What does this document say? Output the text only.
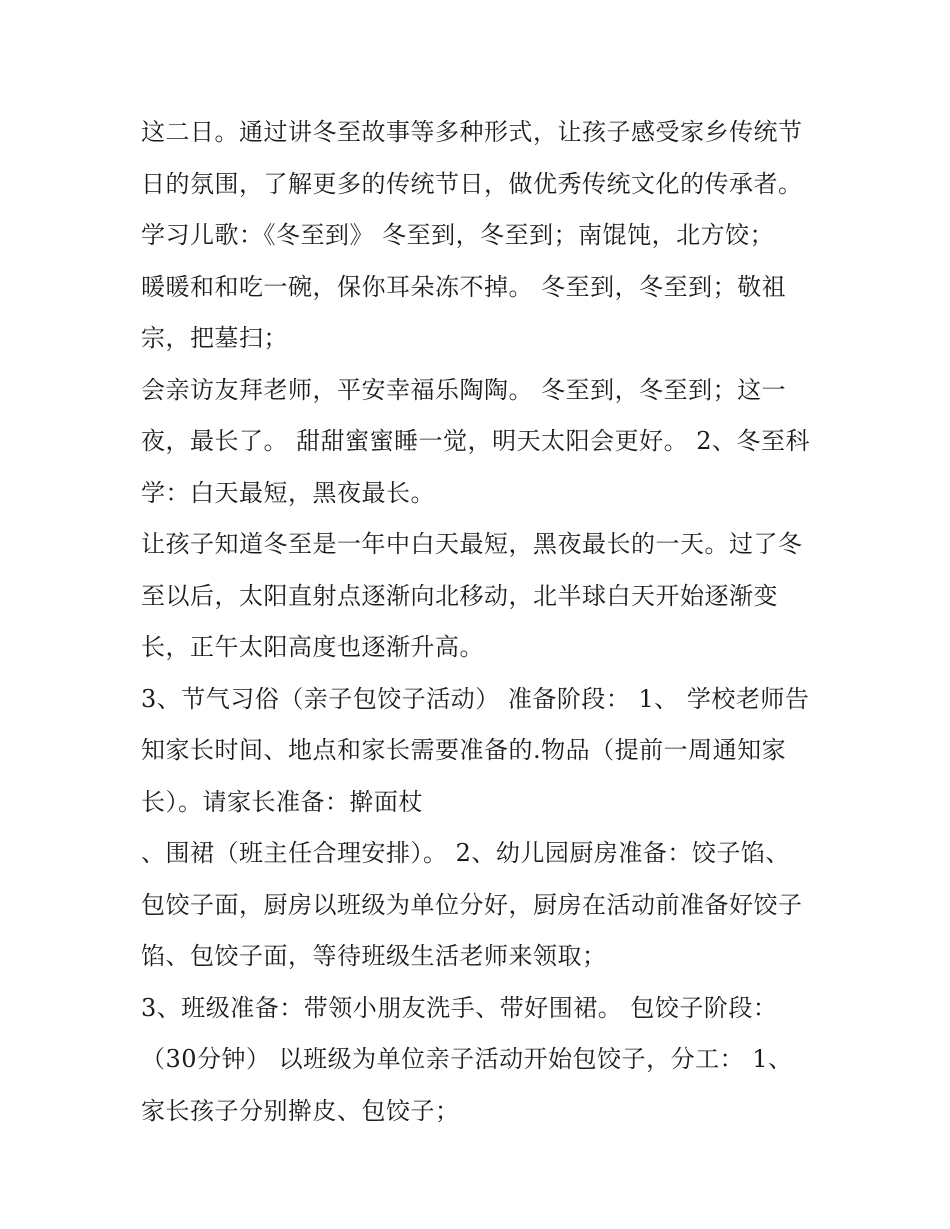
这二日。通过讲冬至故事等多种形式，让孩子感受家乡传统节
日的氛围，了解更多的传统节日，做优秀传统文化的传承者。
学习儿歌：《冬至到》 冬至到，冬至到；南馄饨，北方饺；
暖暖和和吃一碗，保你耳朵冻不掉。 冬至到，冬至到；敬祖
宗，把墓扫；
会亲访友拜老师，平安幸福乐陶陶。 冬至到，冬至到；这一
夜，最长了。 甜甜蜜蜜睡一觉，明天太阳会更好。 2、冬至科
学：白天最短，黑夜最长。
让孩子知道冬至是一年中白天最短，黑夜最长的一天。过了冬
至以后，太阳直射点逐渐向北移动，北半球白天开始逐渐变
长，正午太阳高度也逐渐升高。
3、节气习俗（亲子包饺子活动） 准备阶段： 1、 学校老师告
知家长时间、地点和家长需要准备的.物品（提前一周通知家
长）。请家长准备：擀面杖
、围裙（班主任合理安排）。 2、幼儿园厨房准备：饺子馅、
包饺子面，厨房以班级为单位分好，厨房在活动前准备好饺子
馅、包饺子面，等待班级生活老师来领取；
3、班级准备：带领小朋友洗手、带好围裙。 包饺子阶段：
（30分钟） 以班级为单位亲子活动开始包饺子，分工： 1、
家长孩子分别擀皮、包饺子；
